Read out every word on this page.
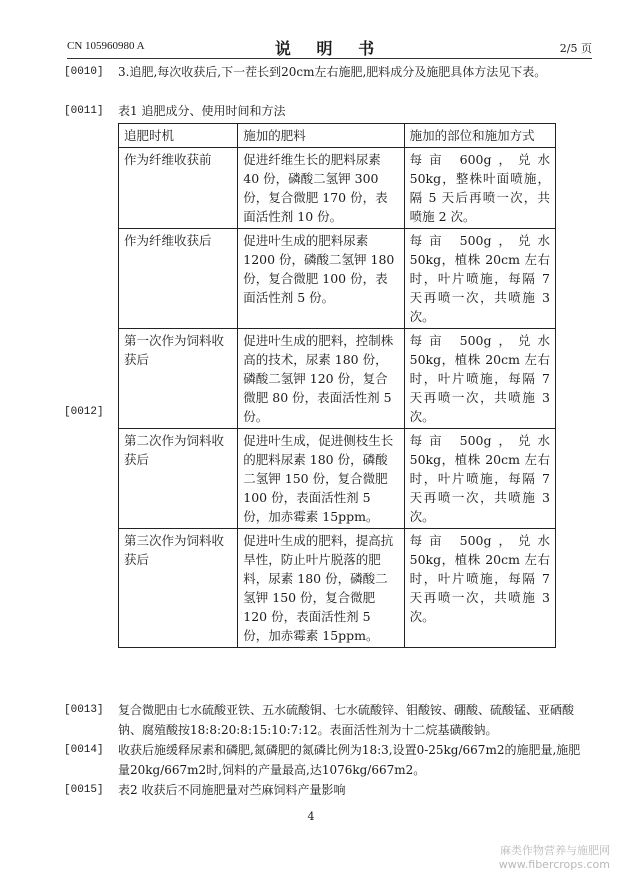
CN 105960980 A	说 明 书	2/5 页
[0010] 3.追肥,每次收获后,下一茬长到20cm左右施肥,肥料成分及施肥具体方法见下表。
[0011] 表1 追肥成分、使用时间和方法
[0012]
追肥时机	施加的肥料	施加的部位和施加方式
作为纤维收获前	促进纤维生长的肥料尿素 40 份，磷酸二氢钾 300 份，复合微肥 170 份，表面活性剂 10 份。	每亩 600g，兑水 50kg，整株叶面喷施，隔 5 天后再喷一次，共喷施 2 次。
作为纤维收获后	促进叶生成的肥料尿素 1200 份，磷酸二氢钾 180 份，复合微肥 100 份，表面活性剂 5 份。	每亩 500g，兑水 50kg，植株 20cm 左右时，叶片喷施，每隔 7 天再喷一次，共喷施 3 次。
第一次作为饲料收获后	促进叶生成的肥料，控制株高的技术，尿素 180 份，磷酸二氢钾 120 份，复合微肥 80 份，表面活性剂 5 份。	每亩 500g，兑水 50kg，植株 20cm 左右时，叶片喷施，每隔 7 天再喷一次，共喷施 3 次。
第二次作为饲料收获后	促进叶生成，促进侧枝生长的肥料尿素 180 份，磷酸二氢钾 150 份，复合微肥 100 份，表面活性剂 5 份，加赤霉素 15ppm。	每亩 500g，兑水 50kg，植株 20cm 左右时，叶片喷施，每隔 7 天再喷一次，共喷施 3 次。
第三次作为饲料收获后	促进叶生成的肥料，提高抗旱性，防止叶片脱落的肥料，尿素 180 份，磷酸二氢钾 150 份，复合微肥 120 份，表面活性剂 5 份，加赤霉素 15ppm。	每亩 500g，兑水 50kg，植株 20cm 左右时，叶片喷施，每隔 7 天再喷一次，共喷施 3 次。
[0013] 复合微肥由七水硫酸亚铁、五水硫酸铜、七水硫酸锌、钼酸铵、硼酸、硫酸锰、亚硒酸钠、腐殖酸按18:8:20:8:15:10:7:12。表面活性剂为十二烷基磺酸钠。
[0014] 收获后施缓释尿素和磷肥,氮磷肥的氮磷比例为18:3,设置0-25kg/667m2的施肥量,施肥量20kg/667m2时,饲料的产量最高,达1076kg/667m2。
[0015] 表2 收获后不同施肥量对苎麻饲料产量影响
4
麻类作物营养与施肥网
www.fibercrops.com
